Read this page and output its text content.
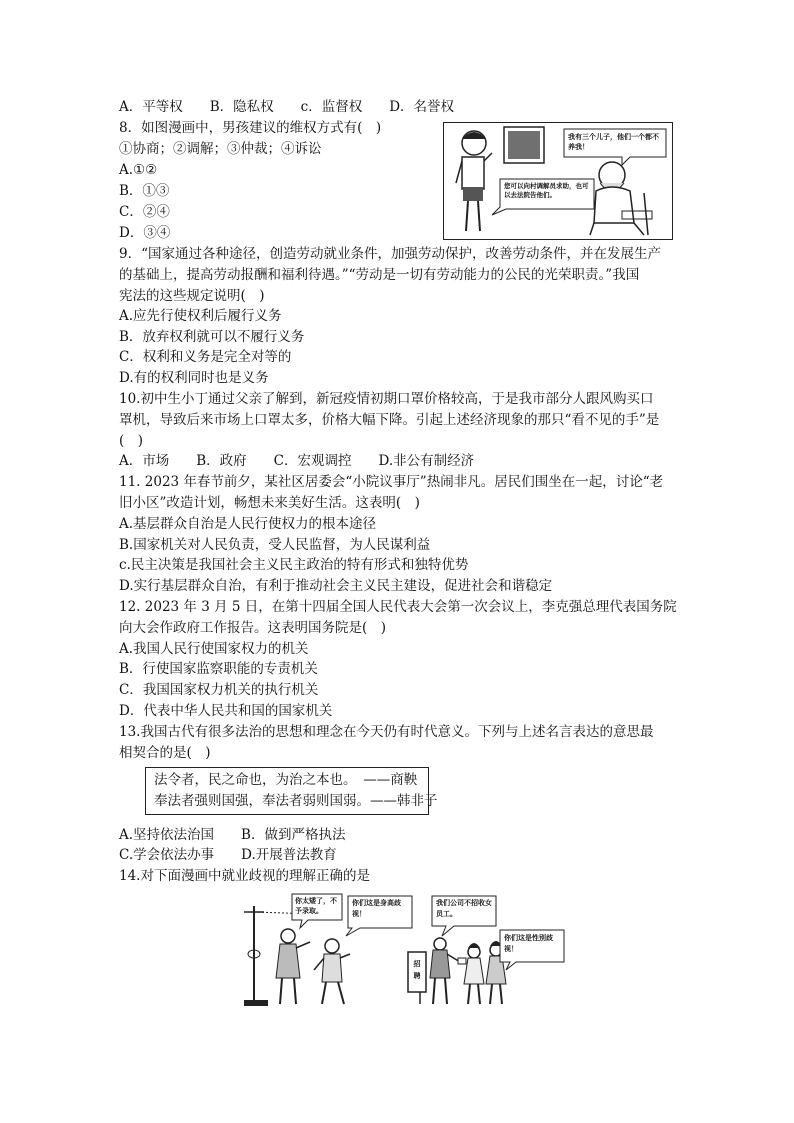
A．平等权　　B．隐私权　　c．监督权　　D．名誉权
8．如图漫画中，男孩建议的维权方式有(　)
①协商；②调解；③仲裁；④诉讼
A.①②
B．①③
C．②④
D．③④
我有三个儿子，他们一个都不养我！
您可以向村调解员求助，也可以去法院告他们。
9．“国家通过各种途径，创造劳动就业条件，加强劳动保护，改善劳动条件，并在发展生产
的基础上，提高劳动报酬和福利待遇。”“劳动是一切有劳动能力的公民的光荣职责。”我国
宪法的这些规定说明(　)
A.应先行使权利后履行义务
B．放弃权利就可以不履行义务
C．权利和义务是完全对等的
D.有的权利同时也是义务
10.初中生小丁通过父亲了解到，新冠疫情初期口罩价格较高，于是我市部分人跟风购买口
罩机，导致后来市场上口罩太多，价格大幅下降。引起上述经济现象的那只“看不见的手”是
(　)
A．市场　　B．政府　　C．宏观调控　　D.非公有制经济
11. 2023 年春节前夕，某社区居委会“小院议事厅”热闹非凡。居民们围坐在一起，讨论“老
旧小区”改造计划，畅想未来美好生活。这表明(　)
A.基层群众自治是人民行使权力的根本途径
B.国家机关对人民负责，受人民监督，为人民谋利益
c.民主决策是我国社会主义民主政治的特有形式和独特优势
D.实行基层群众自治，有利于推动社会主义民主建设，促进社会和谐稳定
12. 2023 年 3 月 5 日，在第十四届全国人民代表大会第一次会议上，李克强总理代表国务院
向大会作政府工作报告。这表明国务院是(　)
A.我国人民行使国家权力的机关
B．行使国家监察职能的专责机关
C．我国国家权力机关的执行机关
D．代表中华人民共和国的国家机关
13.我国古代有很多法治的思想和理念在今天仍有时代意义。下列与上述名言表达的意思最
相契合的是(　)
法令者，民之命也，为治之本也。　——商鞅
奉法者强则国强，奉法者弱则国弱。——韩非子
A.坚持依法治国　　B．做到严格执法
C.学会依法办事　　D.开展普法教育
14.对下面漫画中就业歧视的理解正确的是
你太矮了，不予录取。
你们这是身高歧视！
我们公司不招收女员工。
你们这是性别歧视！
招聘
